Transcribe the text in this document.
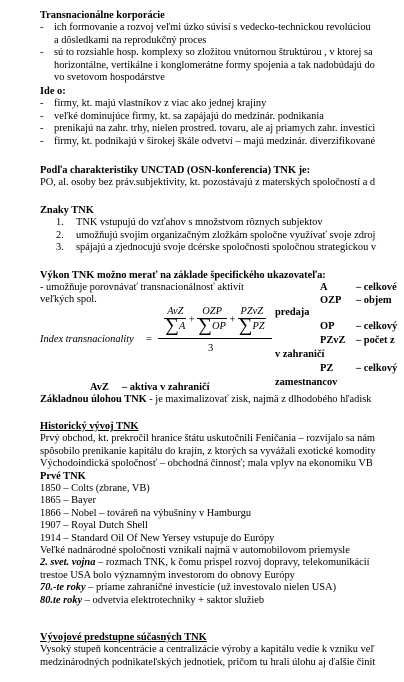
Transnacionálne korporácie
- ich formovanie a rozvoj veľmi úzko súvisí s vedecko-technickou revolúciou
a dôsledkami na reprodukčný proces
- sú to rozsiahle hosp. komplexy so zložitou vnútornou štruktúrou , v ktorej sa
horizontálne, vertikálne i konglomerátne formy spojenia a tak nadobúdajú do
vo svetovom hospodárstve
Ide o:
- firmy, kt. majú vlastníkov z viac ako jednej krajiny
- veľké dominujúce firmy, kt. sa zapájajú do medzinár. podnikania
- prenikajú na zahr. trhy, nielen prostred. tovaru, ale aj priamych zahr. investíci
- firmy, kt. podnikajú v širokej škále odvetví – majú medzinár. diverzifikované
Podľa charakteristiky UNCTAD (OSN-konferencia) TNK je:
PO, al. osoby bez práv.subjektivity, kt. pozostávajú z materských spoločností a d
Znaky TNK
1. TNK vstupujú do vzťahov s množstvom rôznych subjektov
2. umožňujú svojim organizačným zložkám spoločne využívať svoje zdroj
3. spájajú a zjednocujú svoje dcérske spoločnosti spoločnou strategickou v
Výkon TNK možno merať na základe špecifického ukazovateľa:
- umožňuje porovnávať transnacionálnosť aktivít
veľkých spol.
A	– celkové
OZP – objem
predaja
OP – celkový
PZvZ – počet z
v zahraničí
PZ – celkový
zamestnancov
Index transnacionality =
$\frac{\text{AvZ}}{\sum A} + \frac{\text{OZP}}{\sum OP} + \frac{\text{PZvZ}}{\sum PZ}$
3
AvZ – aktíva v zahraničí
Základnou úlohou TNK - je maximalizovať zisk, najmä z dlhodobého hľadisk
Historický vývoj TNK
Prvý obchod, kt. prekročil hranice štátu uskutočnili Feničania – rozvíjalo sa nám
spôsobilo prenikanie kapitálu do krajín, z ktorých sa vyvážali exotické komodity
Východoindická spoločnosť – obchodná činnosť; mala vplyv na ekonomiku VB
Prvé TNK
1850 – Colts (zbrane, VB)
1865 – Bayer
1866 – Nobel – továreň na výbušniny v Hamburgu
1907 – Royal Dutch Shell
1914 – Standard Oil Of New Yersey vstupuje do Európy
Veľké nadnárodné spoločnosti vznikali najmä v automobilovom priemysle
2. svet. vojna – rozmach TNK, k čomu prispel rozvoj dopravy, telekomunikácií
trestoe USA bolo významným investorom do obnovy Európy
70.-te roky – priame zahraničné investície (už investovalo nielen USA)
80.te roky – odvetvia elektrotechniky + saktor služieb
Vývojové predstupne súčasných TNK
Vysoký stupeň koncentrácie a centralizácie výroby a kapitálu vedie k vzniku veľ
medzinárodných podnikateľských jednotiek, pričom tu hrali úlohu aj ďalšie činit
